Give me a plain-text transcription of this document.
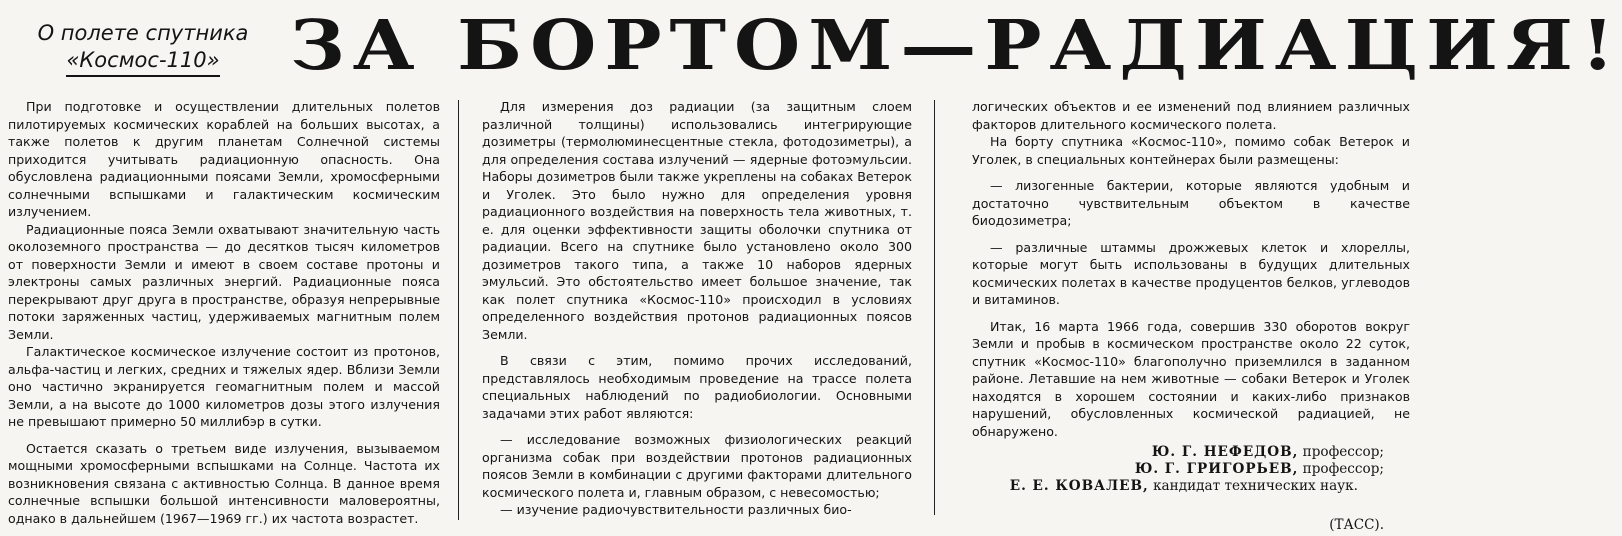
О полете спутника
«Космос-110» ЗА БОРТОМ—РАДИАЦИЯ!

При подготовке и осуществлении длительных полетов пилотируемых космических кораблей на больших высотах, а также полетов к другим планетам Солнечной системы приходится учитывать радиационную опасность. Она обусловлена радиационными поясами Земли, хромосферными солнечными вспышками и галактическим космическим излучением.

Радиационные пояса Земли охватывают значительную часть околоземного пространства — до десятков тысяч километров от поверхности Земли и имеют в своем составе протоны и электроны самых различных энергий. Радиационные пояса перекрывают друг друга в пространстве, образуя непрерывные потоки заряженных частиц, удерживаемых магнитным полем Земли.

Галактическое космическое излучение состоит из протонов, альфа-частиц и легких, средних и тяжелых ядер. Вблизи Земли оно частично экранируется геомагнитным полем и массой Земли, а на высоте до 1000 километров дозы этого излучения не превышают примерно 50 миллибэр в сутки.

Остается сказать о третьем виде излучения, вызываемом мощными хромосферными вспышками на Солнце. Частота их возникновения связана с активностью Солнца. В данное время солнечные вспышки большой интенсивности маловероятны, однако в дальнейшем (1967—1969 гг.) их частота возрастет.

Для измерения доз радиации (за защитным слоем различной толщины) использовались интегрирующие дозиметры (термолюминесцентные стекла, фотодозиметры), а для определения состава излучений — ядерные фотоэмульсии. Наборы дозиметров были также укреплены на собаках Ветерок и Уголек. Это было нужно для определения уровня радиационного воздействия на поверхность тела животных, т. е. для оценки эффективности защиты оболочки спутника от радиации. Всего на спутнике было установлено около 300 дозиметров такого типа, а также 10 наборов ядерных эмульсий. Это обстоятельство имеет большое значение, так как полет спутника «Космос-110» происходил в условиях определенного воздействия протонов радиационных поясов Земли.

В связи с этим, помимо прочих исследований, представлялось необходимым проведение на трассе полета специальных наблюдений по радиобиологии. Основными задачами этих работ являются:

— исследование возможных физиологических реакций организма собак при воздействии протонов радиационных поясов Земли в комбинации с другими факторами длительного космического полета и, главным образом, с невесомостью;

— изучение радиочувствительности различных био-

логических объектов и ее изменений под влиянием различных факторов длительного космического полета.

На борту спутника «Космос-110», помимо собак Ветерок и Уголек, в специальных контейнерах были размещены:

— лизогенные бактерии, которые являются удобным и достаточно чувствительным объектом в качестве биодозиметра;

— различные штаммы дрожжевых клеток и хлореллы, которые могут быть использованы в будущих длительных космических полетах в качестве продуцентов белков, углеводов и витаминов.

Итак, 16 марта 1966 года, совершив 330 оборотов вокруг Земли и пробыв в космическом пространстве около 22 суток, спутник «Космос-110» благополучно приземлился в заданном районе. Летавшие на нем животные — собаки Ветерок и Уголек находятся в хорошем состоянии и каких-либо признаков нарушений, обусловленных космической радиацией, не обнаружено.

Ю. Г. НЕФЕДОВ, профессор;
Ю. Г. ГРИГОРЬЕВ, профессор;
Е. Е. КОВАЛЕВ, кандидат технических наук.
(ТАСС).
